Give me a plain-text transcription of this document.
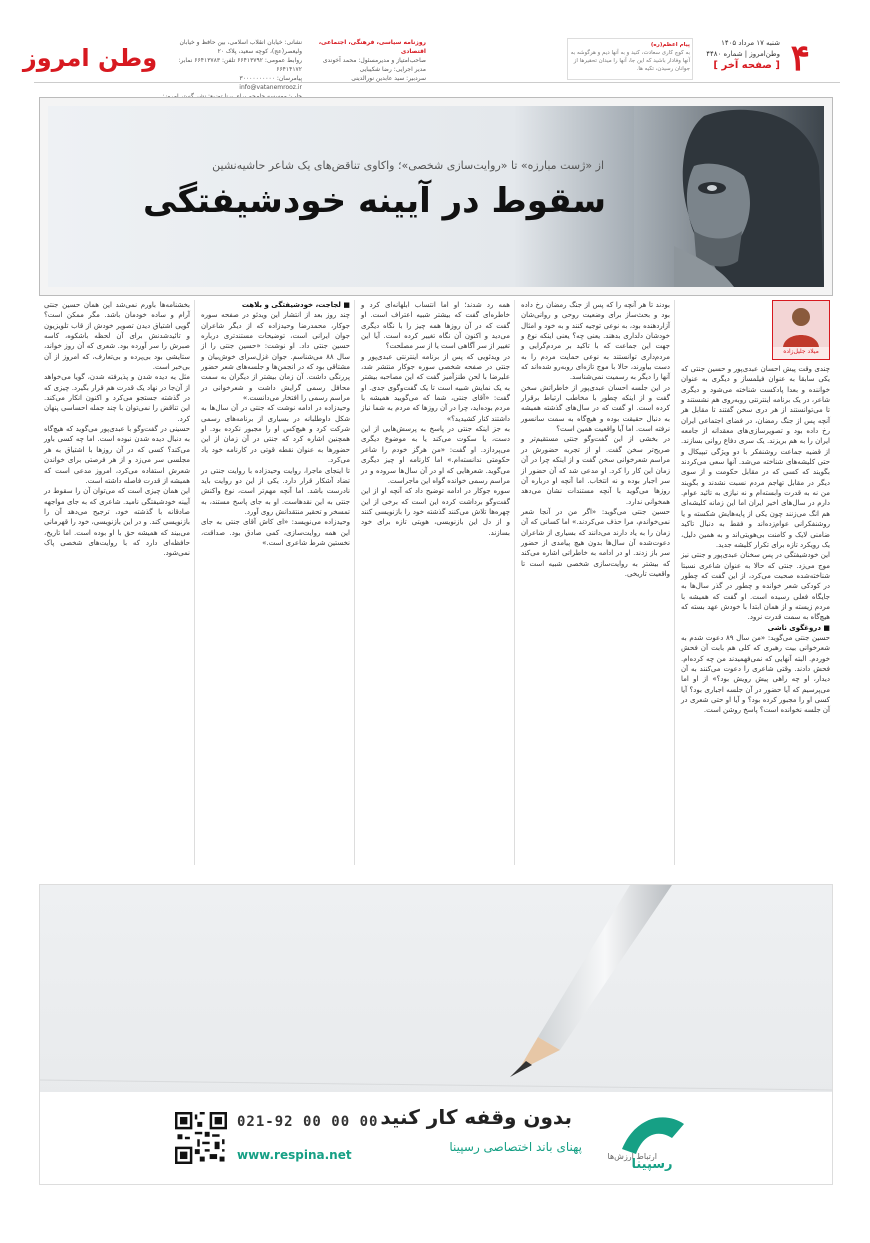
وطن امروز
نشانی: خیابان انقلاب اسلامی، بین حافظ و خیابان ولیعصر(عج)، کوچه سعید، پلاک ۲۰
روابط عمومی: ۶۶۴۱۳۷۹۲ تلفن: ۶۶۴۱۳۷۸۳ نمابر: ۶۶۴۱۴۱۷۲
پیامرسان: ۳۰۰۰۰۰۰۰۰۰۰
info@vatanemrooz.ir
روزنامه سیاسی، فرهنگی، اجتماعی، اقتصادی
صاحب‌امتیاز و مدیرمسئول: محمد آخوندی
مدیر اجرایی: رضا شکیبایی
سردبیر: سید عابدین نورالدینی
پیام اعظم(ره)
به کوچ کاری سعادت، کنید و به آنها دیم و هرگوشه به آنها وفادار باشید که این جا، آنها را میدان تحقیرها از جوانان رسیدن، تکیه ها.
شنبه ۱۷ مرداد ۱۴۰۵
وطن‌امروز | شماره ۴۴۸۰
[ صفحه آخر ]	۴
از «ژست مبارزه» تا «روایت‌سازی شخصی»؛ واکاوی تناقض‌های یک شاعر حاشیه‌نشین
سقوط در آیینه خودشیفتگی
میلاد جلیل‌زاده

چندی وقت پیش احسان عبدی‌پور و حسین جنتی که یکی سابقا به عنوان فیلمساز و دیگری به عنوان خواننده و بعدا پادکست شناخته می‌شود و دیگری شاعر، در یک برنامه اینترنتی روبه‌روی هم نشستند و تا می‌توانستند از هر دری سخن گفتند تا مقابل هر آنچه پس از جنگ رمضان، در فضای اجتماعی ایران رخ داده بود و تصویرسازی‌های معقدانه از جامعه ایران را به هم بریزند. یک سری دفاع روانی بسازند. از قضیه جماعت روشنفکر با دو ویژگی تیپیکال و حتی کلیشه‌های شناخته می‌شد. آنها سعی می‌کردند بگویند که کسی که در مقابل حکومت و از سوی دیگر در مقابل تهاجم مردم نسبت نشدند و بگویند من نه به قدرت وابسته‌ام و نه نیازی به تائید عوام. دارم در سال‌های اخیر ایران اما این زمانه کلیشه‌ای هم انگ می‌زنند چون یکی از پایه‌هایش شکسته و یا روشنفکرانی عوام‌زده‌اند و فقط به دنبال تاکید ضامنی لایک و کامنت بی‌هویتی‌اند و به همین دلیل، یک رویکرد تازه برای تکرار کلیشه جدید.

این خودشیفتگی در پس سخنان عبدی‌پور و جنتی نیز موج می‌زد. جنتی که حالا به عنوان شاعری نسبتا شناخته‌شده صحبت می‌کرد، از این گفت که چطور در کودکی شعر خوانده و چطور در گذر سال‌ها به جایگاه فعلی رسیده است. او گفت که همیشه با مردم زیسته و از همان ابتدا با خودش عهد بسته که هیچ‌گاه به سمت قدرت نرود.

■ دروغگوی ناشی

حسین جنتی می‌گوید: «من سال ۸۹ دعوت شدم به شعرخوانی بیت رهبری که کلی هم بابت آن فحش خوردم. البته آنهایی که نمی‌فهمیدند من چه کرده‌ام. فحش دادند. وقتی شاعری را دعوت می‌کنند به آن دیدار، او چه راهی پیش رویش بود؟» از او اما می‌پرسیم که آیا حضور در آن جلسه اجباری بود؟ آیا کسی او را مجبور کرده بود؟ و آیا او حتی شعری در آن جلسه نخوانده است؟ پاسخ روشن است.

بودند تا هر آنچه را که پس از جنگ رمضان رخ داده بود و بحث‌ساز برای وضعیت روحی و روانی‌شان آزاردهنده بود، به نوعی توجیه کنند و به خود و امثال خودشان دلداری بدهند. یعنی چه؟ یعنی اینکه نوع و جهت این جماعت که با تاکید بر مردم‌گرایی و مردم‌داری توانستند به نوعی حمایت مردم را به دست بیاورند، حالا با موج تازه‌ای روبه‌رو شده‌اند که آنها را دیگر به رسمیت نمی‌شناسد.

در این جلسه احسان عبدی‌پور از خاطراتش سخن گفت و از اینکه چطور با مخاطب ارتباط برقرار کرده است. او گفت که در سال‌های گذشته همیشه به دنبال حقیقت بوده و هیچ‌گاه به سمت سانسور نرفته است. اما آیا واقعیت همین است؟

در بخشی از این گفت‌وگو جنتی مستقیم‌تر و صریح‌تر سخن گفت. او از تجربه حضورش در مراسم شعرخوانی سخن گفت و از اینکه چرا در آن زمان این کار را کرد. او مدعی شد که آن حضور از سر اجبار بوده و نه انتخاب. اما آنچه او درباره آن روزها می‌گوید با آنچه مستندات نشان می‌دهد همخوانی ندارد.

حسین جنتی می‌گوید: «اگر من در آنجا شعر نمی‌خواندم، مرا حذف می‌کردند.» اما کسانی که آن زمان را به یاد دارند می‌دانند که بسیاری از شاعران دعوت‌شده آن سال‌ها بدون هیچ پیامدی از حضور سر باز زدند. او در ادامه به خاطراتی اشاره می‌کند که بیشتر به روایت‌سازی شخصی شبیه است تا واقعیت تاریخی.

همه رد شدند؛ او اما انتساب ابلهانه‌ای کرد و خاطره‌ای گفت که بیشتر شبیه اعتراف است. او گفت که در آن روزها همه چیز را با نگاه دیگری می‌دید و اکنون آن نگاه تغییر کرده است. آیا این تغییر از سر آگاهی است یا از سر مصلحت؟

در ویدئویی که پس از برنامه اینترنتی عبدی‌پور و جنتی در صفحه شخصی سوره جوکار منتشر شد، علیرضا با لحن طنزآمیز گفت که این مصاحبه بیشتر به یک نمایش شبیه است تا یک گفت‌وگوی جدی. او گفت: «آقای جنتی، شما که می‌گویید همیشه با مردم بوده‌اید، چرا در آن روزها که مردم به شما نیاز داشتند کنار کشیدید؟»

به جز اینکه جنتی در پاسخ به پرسش‌هایی از این دست، یا سکوت می‌کند یا به موضوع دیگری می‌پردازد. او گفت: «من هرگز خودم را شاعر حکومتی ندانسته‌ام.» اما کارنامه او چیز دیگری می‌گوید. شعرهایی که او در آن سال‌ها سروده و در مراسم رسمی خوانده گواه این ماجراست.

سوره جوکار در ادامه توضیح داد که آنچه او از این گفت‌وگو برداشت کرده این است که برخی از این چهره‌ها تلاش می‌کنند گذشته خود را بازنویسی کنند و از دل این بازنویسی، هویتی تازه برای خود بسازند.

■ لجاجت، خودشیفتگی و بلاهت

چند روز بعد از انتشار این ویدئو در صفحه سوره جوکار، محمدرضا وحیدزاده که از دیگر شاعران جوان ایرانی است، توضیحات مستندتری درباره حسین جنتی داد. او نوشت: «حسین جنتی را از سال ۸۸ می‌شناسم. جوان غزل‌سرای خوش‌بیان و مشتاقی بود که در انجمن‌ها و جلسه‌های شعر حضور پررنگی داشت. آن زمان بیشتر از دیگران به سمت محافل رسمی گرایش داشت و شعرخوانی در مراسم رسمی را افتخار می‌دانست.»

وحیدزاده در ادامه نوشت که جنتی در آن سال‌ها به شکل داوطلبانه در بسیاری از برنامه‌های رسمی شرکت کرد و هیچ‌کس او را مجبور نکرده بود. او همچنین اشاره کرد که جنتی در آن زمان از این حضورها به عنوان نقطه قوتی در کارنامه خود یاد می‌کرد.

تا اینجای ماجرا، روایت وحیدزاده با روایت جنتی در تضاد آشکار قرار دارد. یکی از این دو روایت باید نادرست باشد. اما آنچه مهم‌تر است، نوع واکنش جنتی به این نقدهاست. او به جای پاسخ مستند، به تمسخر و تحقیر منتقدانش روی آورد.

وحیدزاده می‌نویسد: «ای کاش آقای جنتی به جای این همه روایت‌سازی، کمی صادق بود. صداقت، نخستین شرط شاعری است.»

بخشنامه‌ها باورم نمی‌شد این همان حسین جنتی آرام و ساده خودمان باشد. مگر ممکن است؟ گویی اشتیاق دیدن تصویر خودش از قاب تلویزیون و تائیدشدنش برای آن لحظه باشکوه، کاسه صبرش را سر آورده بود. شعری که آن روز خواند، ستایشی بود بی‌پرده و بی‌تعارف، که امروز از آن بی‌خبر است.

مثل یه دیده شدن و پذیرفته شدن، گویا می‌خواهد از آن‌جا در نهاد یک قدرت هم قرار بگیرد. چیزی که در گذشته جستجو می‌کرد و اکنون انکار می‌کند. این تناقض را نمی‌توان با چند جمله احساسی پنهان کرد.

حسینی در گفت‌وگو با عبدی‌پور می‌گوید که هیچ‌گاه به دنبال دیده شدن نبوده است. اما چه کسی باور می‌کند؟ کسی که در آن روزها با اشتیاق به هر مجلسی سر می‌زد و از هر فرصتی برای خواندن شعرش استفاده می‌کرد، امروز مدعی است که همیشه از قدرت فاصله داشته است.

این همان چیزی است که می‌توان آن را سقوط در آیینه خودشیفتگی نامید. شاعری که به جای مواجهه صادقانه با گذشته خود، ترجیح می‌دهد آن را بازنویسی کند. و در این بازنویسی، خود را قهرمانی می‌بیند که همیشه حق با او بوده است. اما تاریخ، حافظه‌ای دارد که با روایت‌های شخصی پاک نمی‌شود.

رسپینا
ارتباط ارزش‌ها
بدون وقفه کار کنید
پهنای باند اختصاصی رسپینا
021-92 00 00 00
www.respina.net
